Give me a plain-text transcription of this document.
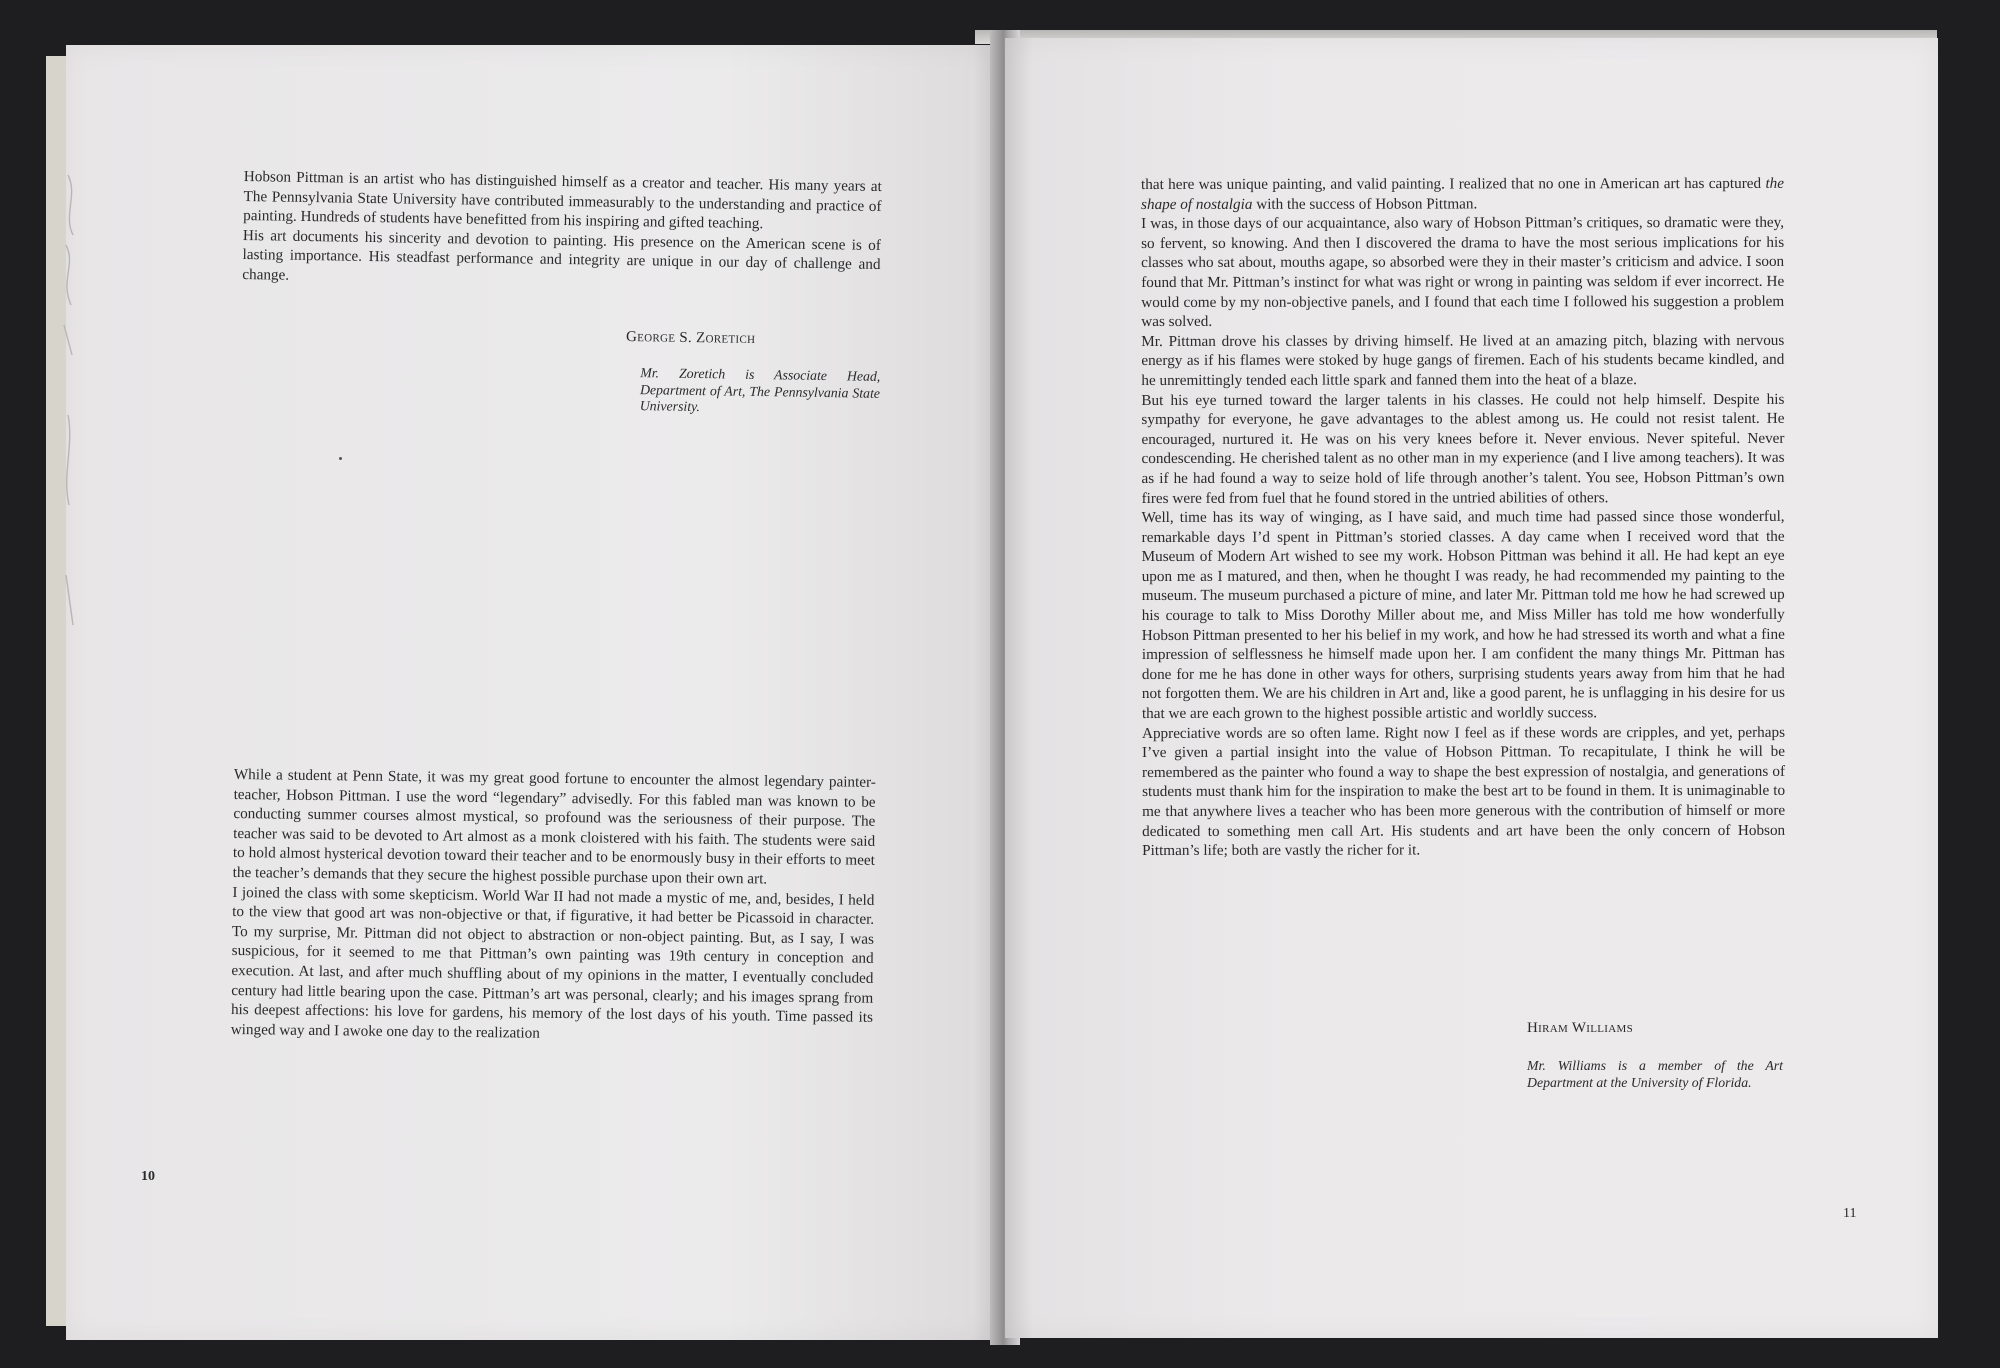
Hobson Pittman is an artist who has distinguished himself as a creator and teacher. His many years at The Pennsylvania State University have contributed immeasurably to the understanding and practice of painting. Hundreds of students have benefitted from his inspiring and gifted teaching.

His art documents his sincerity and devotion to painting. His presence on the American scene is of lasting importance. His steadfast performance and integrity are unique in our day of challenge and change.

George S. Zoretich
Mr. Zoretich is Associate Head, Department of Art, The Pennsylvania State University.

While a student at Penn State, it was my great good fortune to encounter the almost legendary painter-teacher, Hobson Pittman. I use the word “legendary” advisedly. For this fabled man was known to be conducting summer courses almost mystical, so profound was the seriousness of their purpose. The teacher was said to be devoted to Art almost as a monk cloistered with his faith. The students were said to hold almost hysterical devotion toward their teacher and to be enormously busy in their efforts to meet the teacher’s demands that they secure the highest possible purchase upon their own art.

I joined the class with some skepticism. World War II had not made a mystic of me, and, besides, I held to the view that good art was non-objective or that, if figurative, it had better be Picassoid in character. To my surprise, Mr. Pittman did not object to abstraction or non-object painting. But, as I say, I was suspicious, for it seemed to me that Pittman’s own painting was 19th century in conception and execution. At last, and after much shuffling about of my opinions in the matter, I eventually concluded century had little bearing upon the case. Pittman’s art was personal, clearly; and his images sprang from his deepest affections: his love for gardens, his memory of the lost days of his youth. Time passed its winged way and I awoke one day to the realization

10

that here was unique painting, and valid painting. I realized that no one in American art has captured the shape of nostalgia with the success of Hobson Pittman.

I was, in those days of our acquaintance, also wary of Hobson Pittman’s critiques, so dramatic were they, so fervent, so knowing. And then I discovered the drama to have the most serious implications for his classes who sat about, mouths agape, so absorbed were they in their master’s criticism and advice. I soon found that Mr. Pittman’s instinct for what was right or wrong in painting was seldom if ever incorrect. He would come by my non-objective panels, and I found that each time I followed his suggestion a problem was solved.

Mr. Pittman drove his classes by driving himself. He lived at an amazing pitch, blazing with nervous energy as if his flames were stoked by huge gangs of firemen. Each of his students became kindled, and he unremittingly tended each little spark and fanned them into the heat of a blaze.

But his eye turned toward the larger talents in his classes. He could not help himself. Despite his sympathy for everyone, he gave advantages to the ablest among us. He could not resist talent. He encouraged, nurtured it. He was on his very knees before it. Never envious. Never spiteful. Never condescending. He cherished talent as no other man in my experience (and I live among teachers). It was as if he had found a way to seize hold of life through another’s talent. You see, Hobson Pittman’s own fires were fed from fuel that he found stored in the untried abilities of others.

Well, time has its way of winging, as I have said, and much time had passed since those wonderful, remarkable days I’d spent in Pittman’s storied classes. A day came when I received word that the Museum of Modern Art wished to see my work. Hobson Pittman was behind it all. He had kept an eye upon me as I matured, and then, when he thought I was ready, he had recommended my painting to the museum. The museum purchased a picture of mine, and later Mr. Pittman told me how he had screwed up his courage to talk to Miss Dorothy Miller about me, and Miss Miller has told me how wonderfully Hobson Pittman presented to her his belief in my work, and how he had stressed its worth and what a fine impression of selflessness he himself made upon her. I am confident the many things Mr. Pittman has done for me he has done in other ways for others, surprising students years away from him that he had not forgotten them. We are his children in Art and, like a good parent, he is unflagging in his desire for us that we are each grown to the highest possible artistic and worldly success.

Appreciative words are so often lame. Right now I feel as if these words are cripples, and yet, perhaps I’ve given a partial insight into the value of Hobson Pittman. To recapitulate, I think he will be remembered as the painter who found a way to shape the best expression of nostalgia, and generations of students must thank him for the inspiration to make the best art to be found in them. It is unimaginable to me that anywhere lives a teacher who has been more generous with the contribution of himself or more dedicated to something men call Art. His students and art have been the only concern of Hobson Pittman’s life; both are vastly the richer for it.

Hiram Williams
Mr. Williams is a member of the Art Department at the University of Florida.
11
